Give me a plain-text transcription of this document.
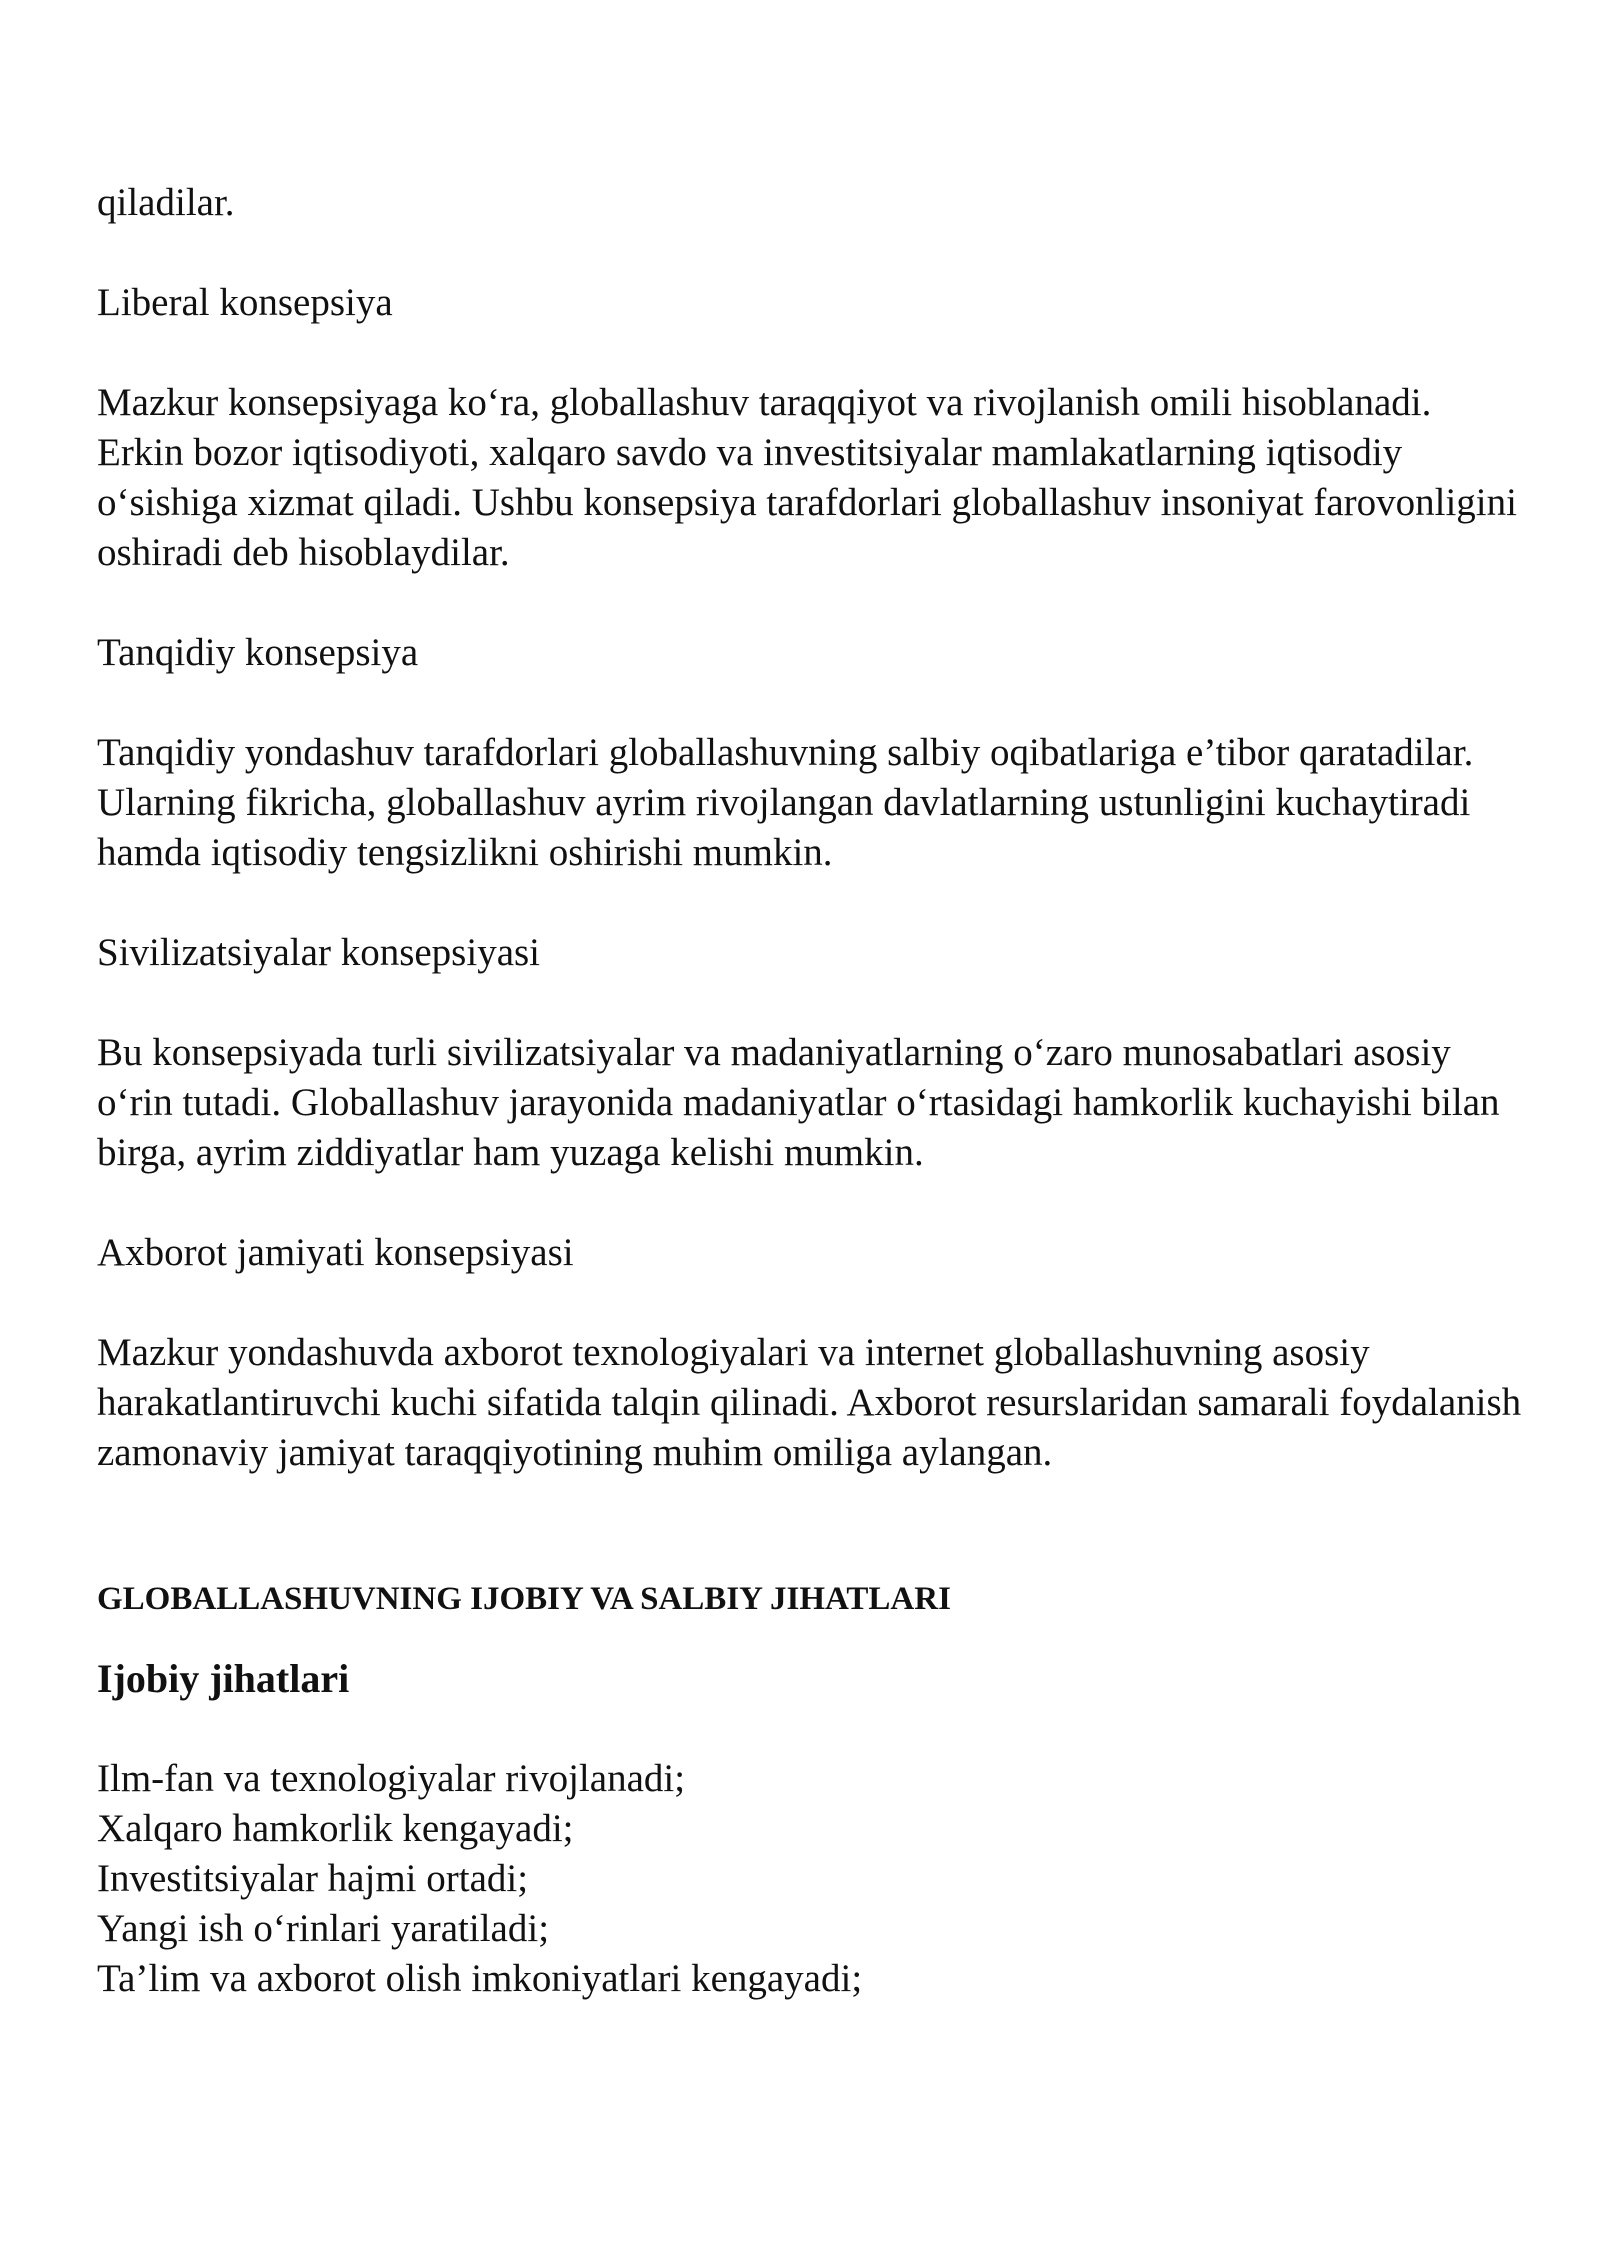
qiladilar.

Liberal konsepsiya

Mazkur konsepsiyaga ko‘ra, globallashuv taraqqiyot va rivojlanish omili hisoblanadi. Erkin bozor iqtisodiyoti, xalqaro savdo va investitsiyalar mamlakatlarning iqtisodiy o‘sishiga xizmat qiladi. Ushbu konsepsiya tarafdorlari globallashuv insoniyat farovonligini oshiradi deb hisoblaydilar.

Tanqidiy konsepsiya

Tanqidiy yondashuv tarafdorlari globallashuvning salbiy oqibatlariga e’tibor qaratadilar. Ularning fikricha, globallashuv ayrim rivojlangan davlatlarning ustunligini kuchaytiradi hamda iqtisodiy tengsizlikni oshirishi mumkin.

Sivilizatsiyalar konsepsiyasi

Bu konsepsiyada turli sivilizatsiyalar va madaniyatlarning o‘zaro munosabatlari asosiy o‘rin tutadi. Globallashuv jarayonida madaniyatlar o‘rtasidagi hamkorlik kuchayishi bilan birga, ayrim ziddiyatlar ham yuzaga kelishi mumkin.

Axborot jamiyati konsepsiyasi

Mazkur yondashuvda axborot texnologiyalari va internet globallashuvning asosiy harakatlantiruvchi kuchi sifatida talqin qilinadi. Axborot resurslaridan samarali foydalanish zamonaviy jamiyat taraqqiyotining muhim omiliga aylangan.

GLOBALLASHUVNING IJOBIY VA SALBIY JIHATLARI

Ijobiy jihatlari

Ilm-fan va texnologiyalar rivojlanadi;

Xalqaro hamkorlik kengayadi;

Investitsiyalar hajmi ortadi;

Yangi ish o‘rinlari yaratiladi;

Ta’lim va axborot olish imkoniyatlari kengayadi;
